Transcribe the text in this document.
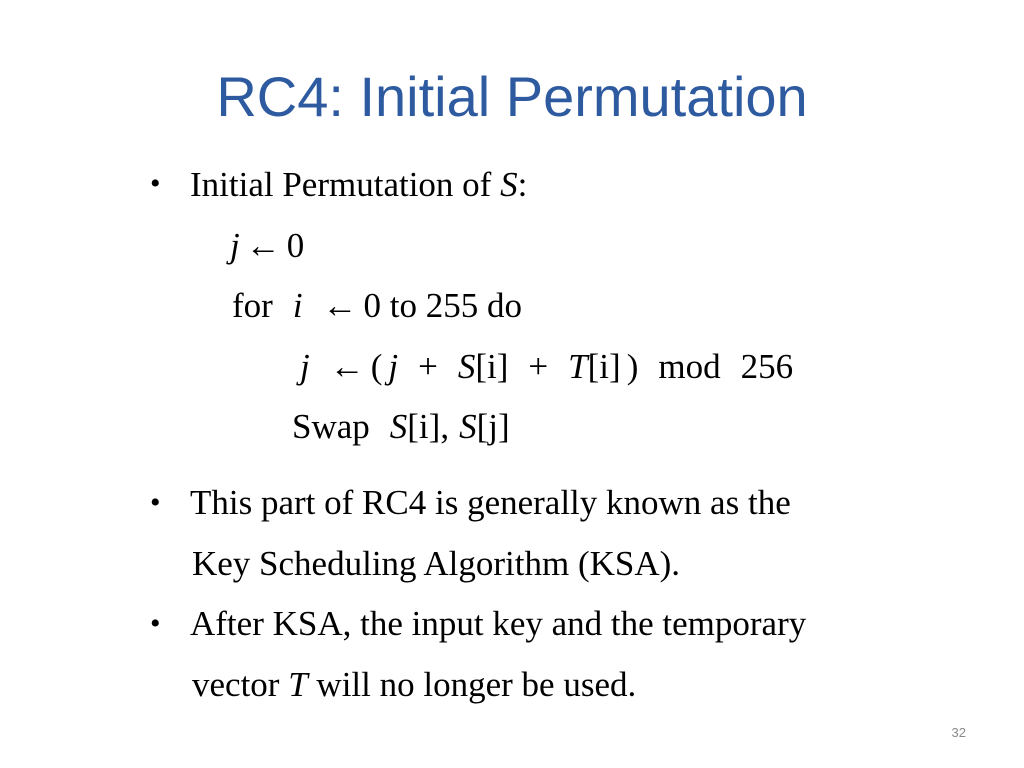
RC4: Initial Permutation
• Initial Permutation of S:
j ← 0
for i ← 0 to 255 do
j ← ( j + S[i] + T[i] ) mod 256
Swap S[i], S[j]
• This part of RC4 is generally known as the
Key Scheduling Algorithm (KSA).
• After KSA, the input key and the temporary
vector T will no longer be used.
32
